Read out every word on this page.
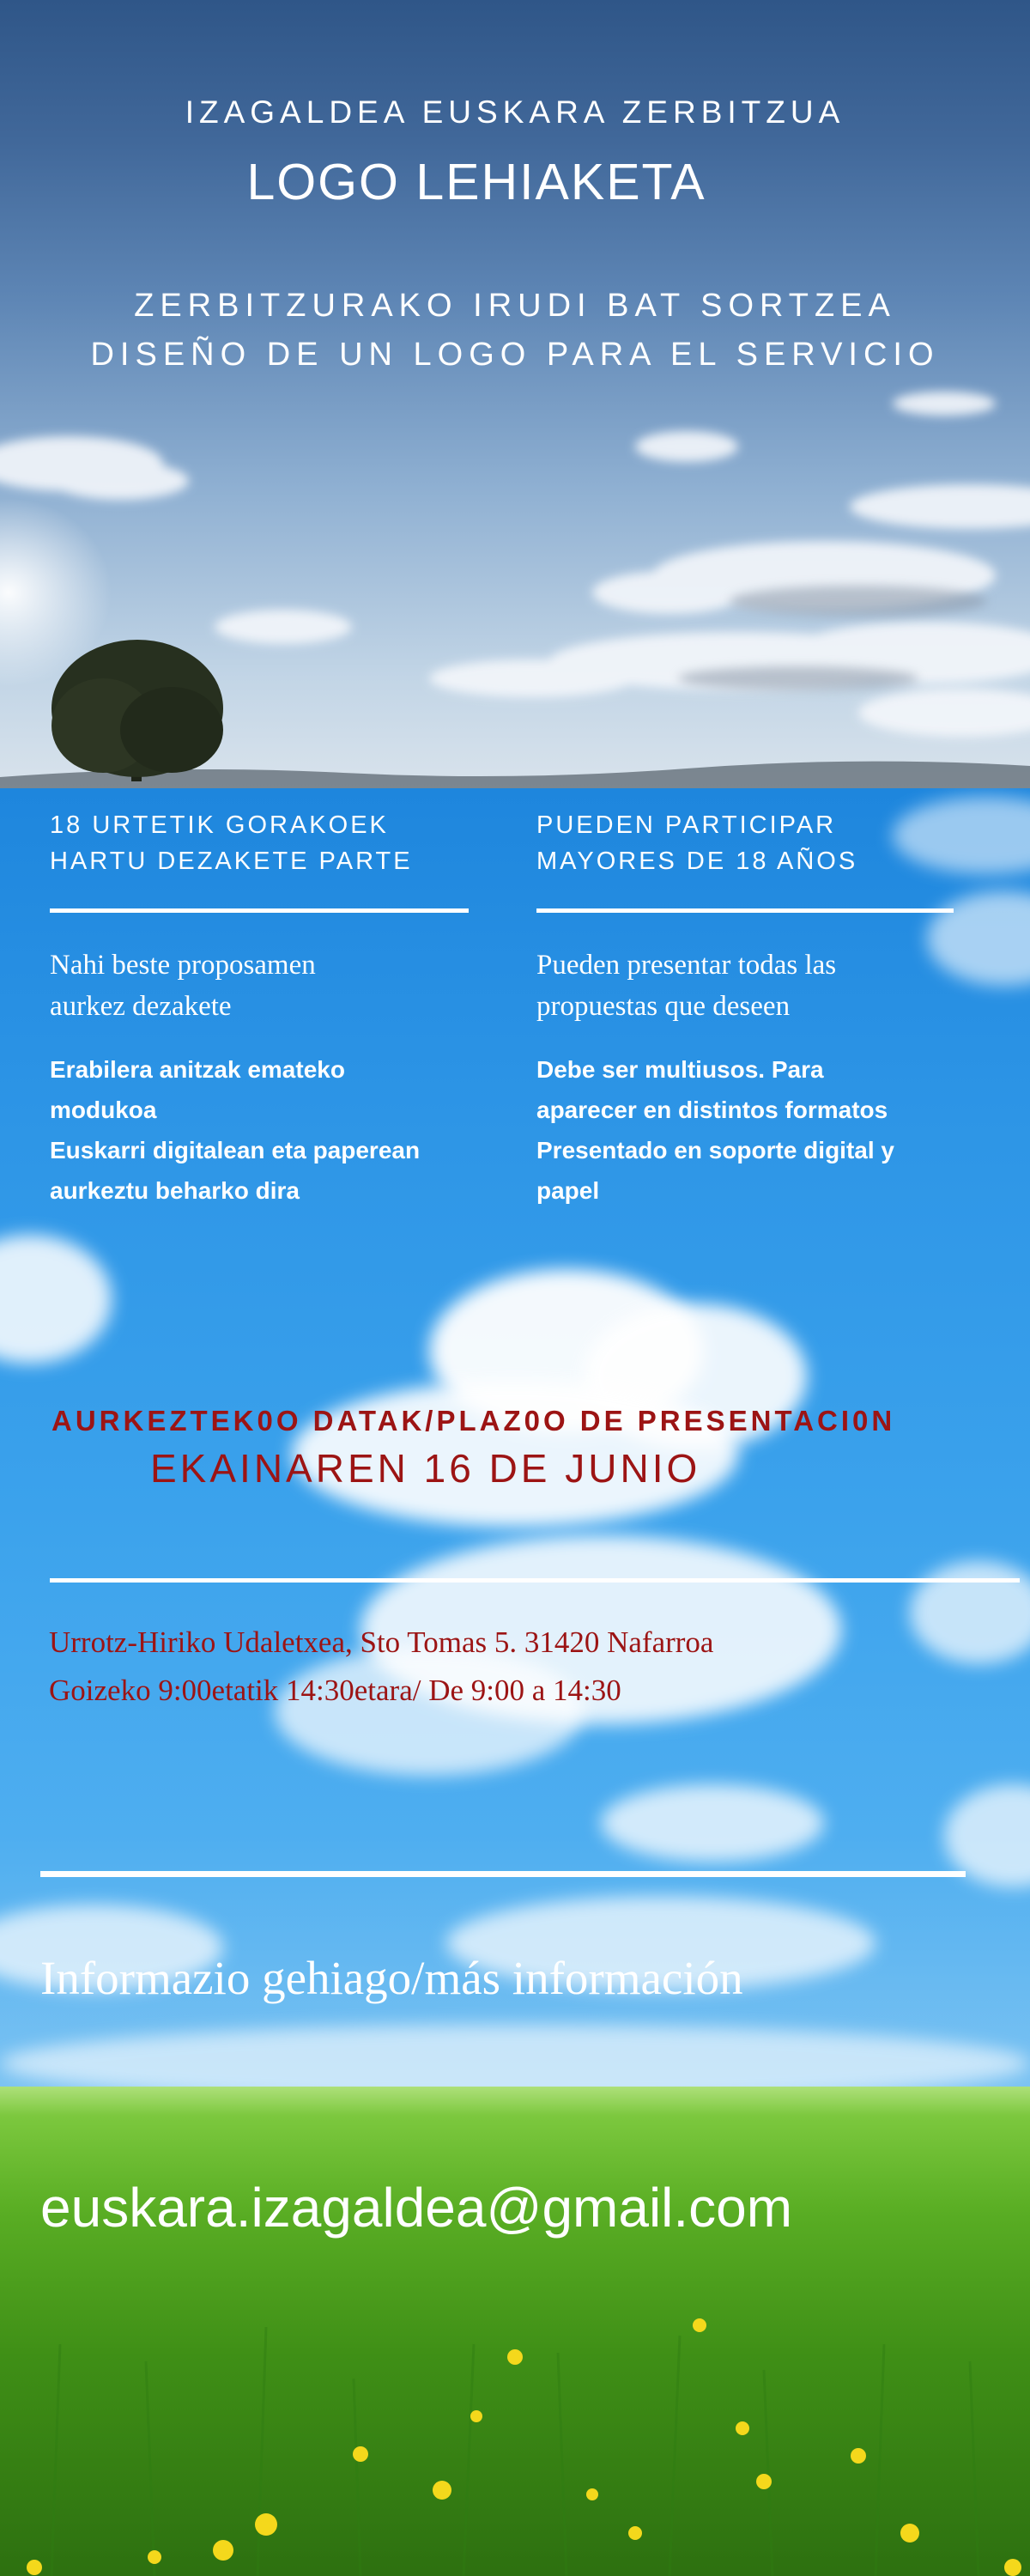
IZAGALDEA EUSKARA ZERBITZUA
LOGO LEHIAKETA
ZERBITZURAKO IRUDI BAT SORTZEA
DISEÑO DE UN LOGO PARA EL SERVICIO
18 URTETIK GORAKOEK
HARTU DEZAKETE PARTE
Nahi beste proposamen
aurkez dezakete
Erabilera anitzak emateko
modukoa
Euskarri digitalean eta paperean
aurkeztu beharko dira
PUEDEN PARTICIPAR
MAYORES DE 18 AÑOS
Pueden presentar todas las
propuestas que deseen
Debe ser multiusos. Para
aparecer en distintos formatos
Presentado en soporte digital y
papel
AURKEZTEK0O DATAK/PLAZ0O DE PRESENTACI0N
EKAINAREN 16 DE JUNIO
Urrotz-Hiriko Udaletxea, Sto Tomas 5. 31420 Nafarroa
Goizeko 9:00etatik 14:30etara/ De 9:00 a 14:30
Informazio gehiago/más información
euskara.izagaldea@gmail.com
